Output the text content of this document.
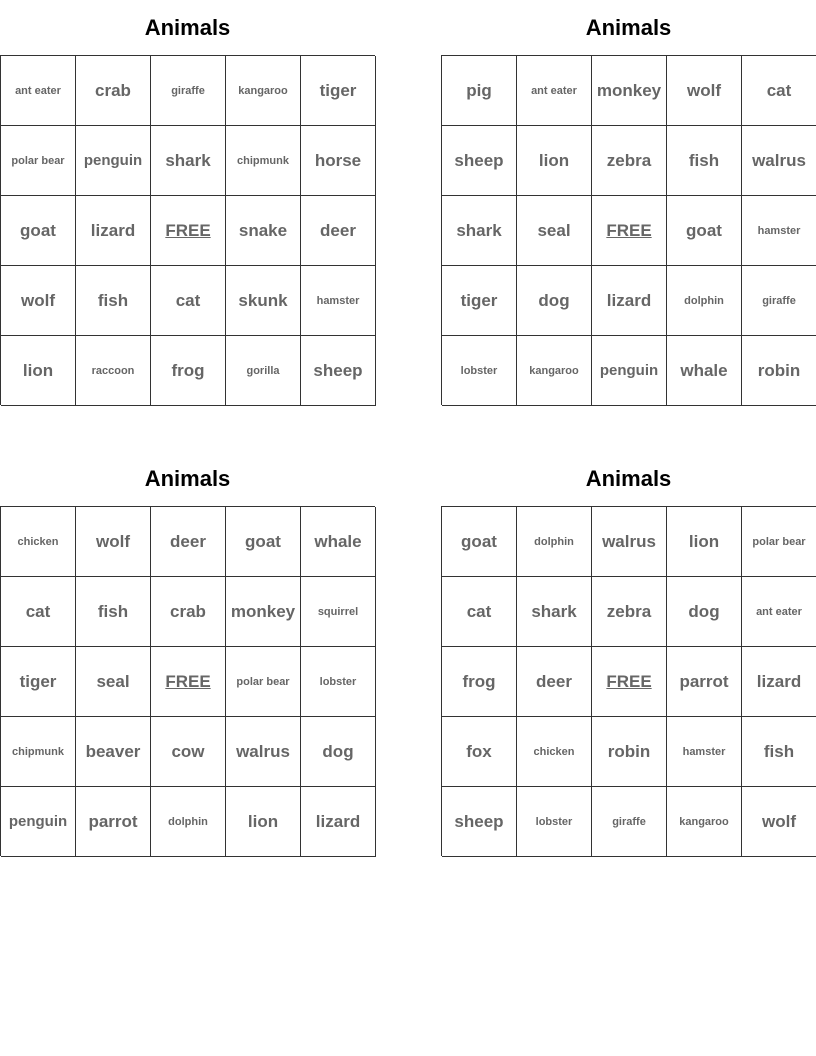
Animals
ant eater	crab	giraffe	kangaroo	tiger
polar bear	penguin	shark	chipmunk	horse
goat	lizard	FREE	snake	deer
wolf	fish	cat	skunk	hamster
lion	raccoon	frog	gorilla	sheep
Animals
pig	ant eater	monkey	wolf	cat
sheep	lion	zebra	fish	walrus
shark	seal	FREE	goat	hamster
tiger	dog	lizard	dolphin	giraffe
lobster	kangaroo	penguin	whale	robin
Animals
chicken	wolf	deer	goat	whale
cat	fish	crab	monkey	squirrel
tiger	seal	FREE	polar bear	lobster
chipmunk	beaver	cow	walrus	dog
penguin	parrot	dolphin	lion	lizard
Animals
goat	dolphin	walrus	lion	polar bear
cat	shark	zebra	dog	ant eater
frog	deer	FREE	parrot	lizard
fox	chicken	robin	hamster	fish
sheep	lobster	giraffe	kangaroo	wolf
